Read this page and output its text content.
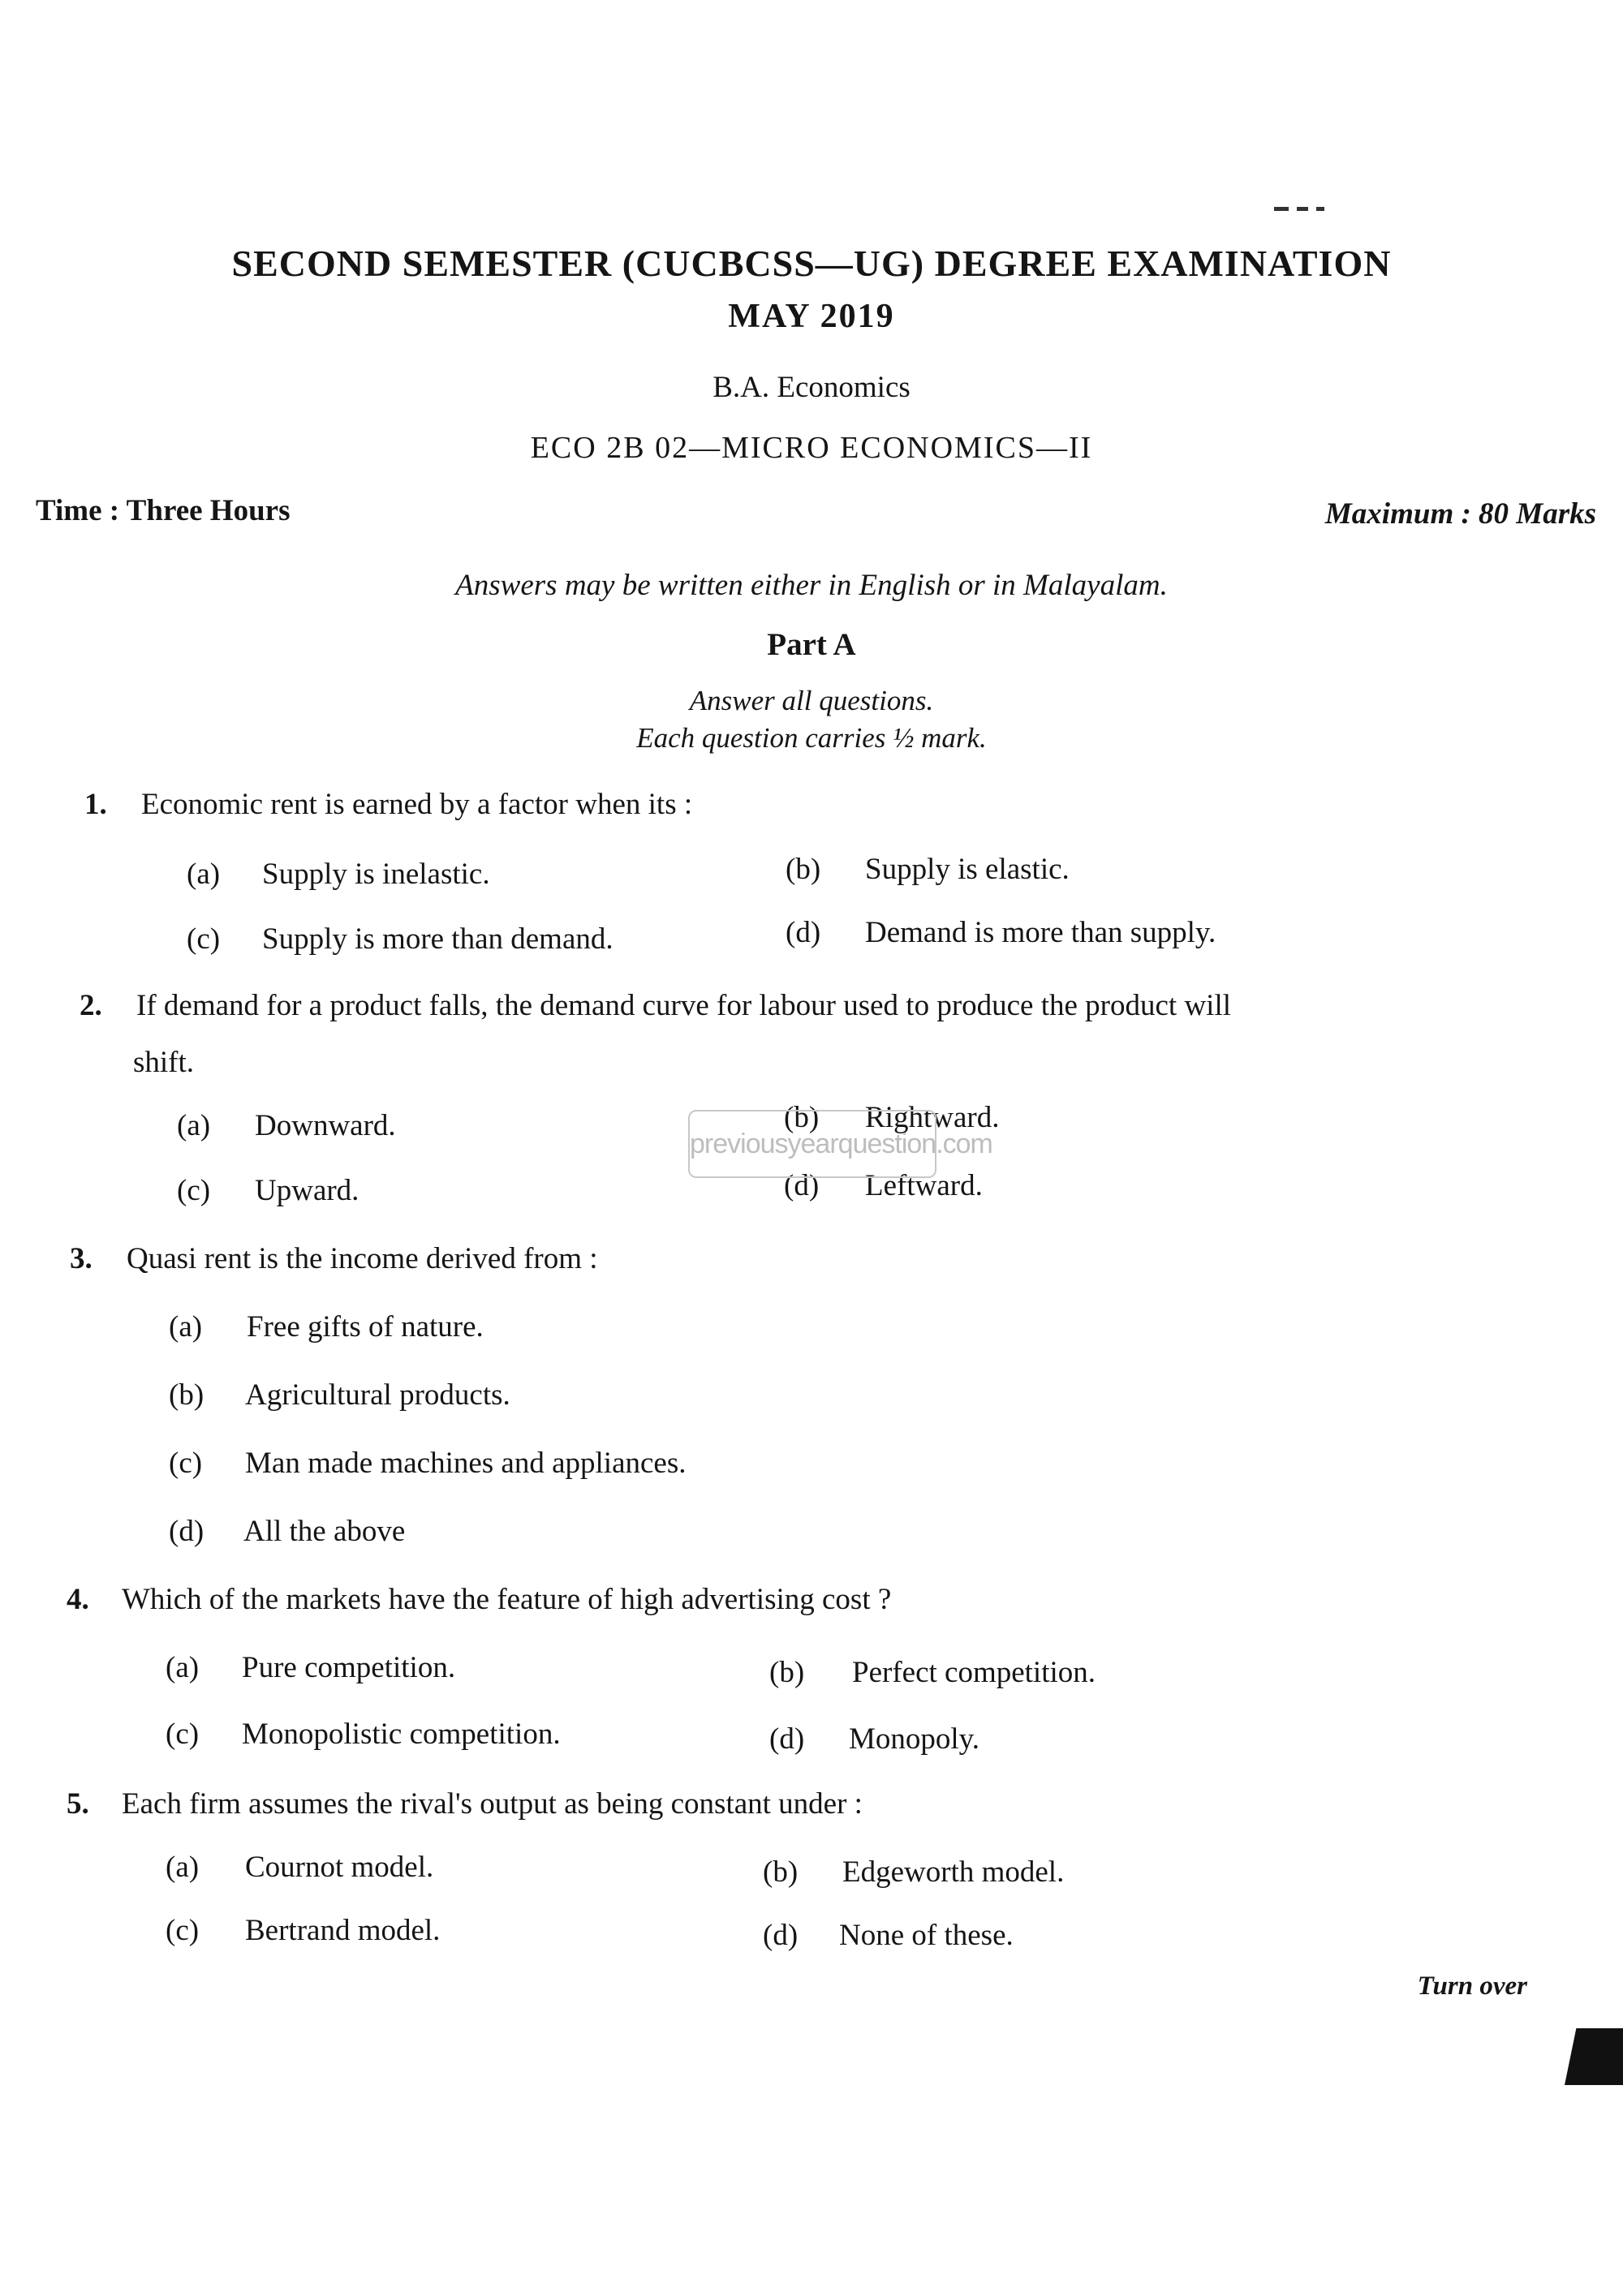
SECOND SEMESTER (CUCBCSS—UG) DEGREE EXAMINATION
MAY 2019
B.A. Economics
ECO 2B 02—MICRO ECONOMICS—II
Time : Three Hours	Maximum : 80 Marks
Answers may be written either in English or in Malayalam.
Part A
Answer all questions.
Each question carries ½ mark.
1. Economic rent is earned by a factor when its :
(a) Supply is inelastic.	(b) Supply is elastic.
(c) Supply is more than demand.	(d) Demand is more than supply.
2. If demand for a product falls, the demand curve for labour used to produce the product will
shift.
(a) Downward.	(b) Rightward.
(c) Upward.	(d) Leftward.
previousyearquestion.com
3. Quasi rent is the income derived from :
(a) Free gifts of nature.
(b) Agricultural products.
(c) Man made machines and appliances.
(d) All the above
4. Which of the markets have the feature of high advertising cost ?
(a) Pure competition.	(b) Perfect competition.
(c) Monopolistic competition.	(d) Monopoly.
5. Each firm assumes the rival's output as being constant under :
(a) Cournot model.	(b) Edgeworth model.
(c) Bertrand model.	(d) None of these.
Turn over
